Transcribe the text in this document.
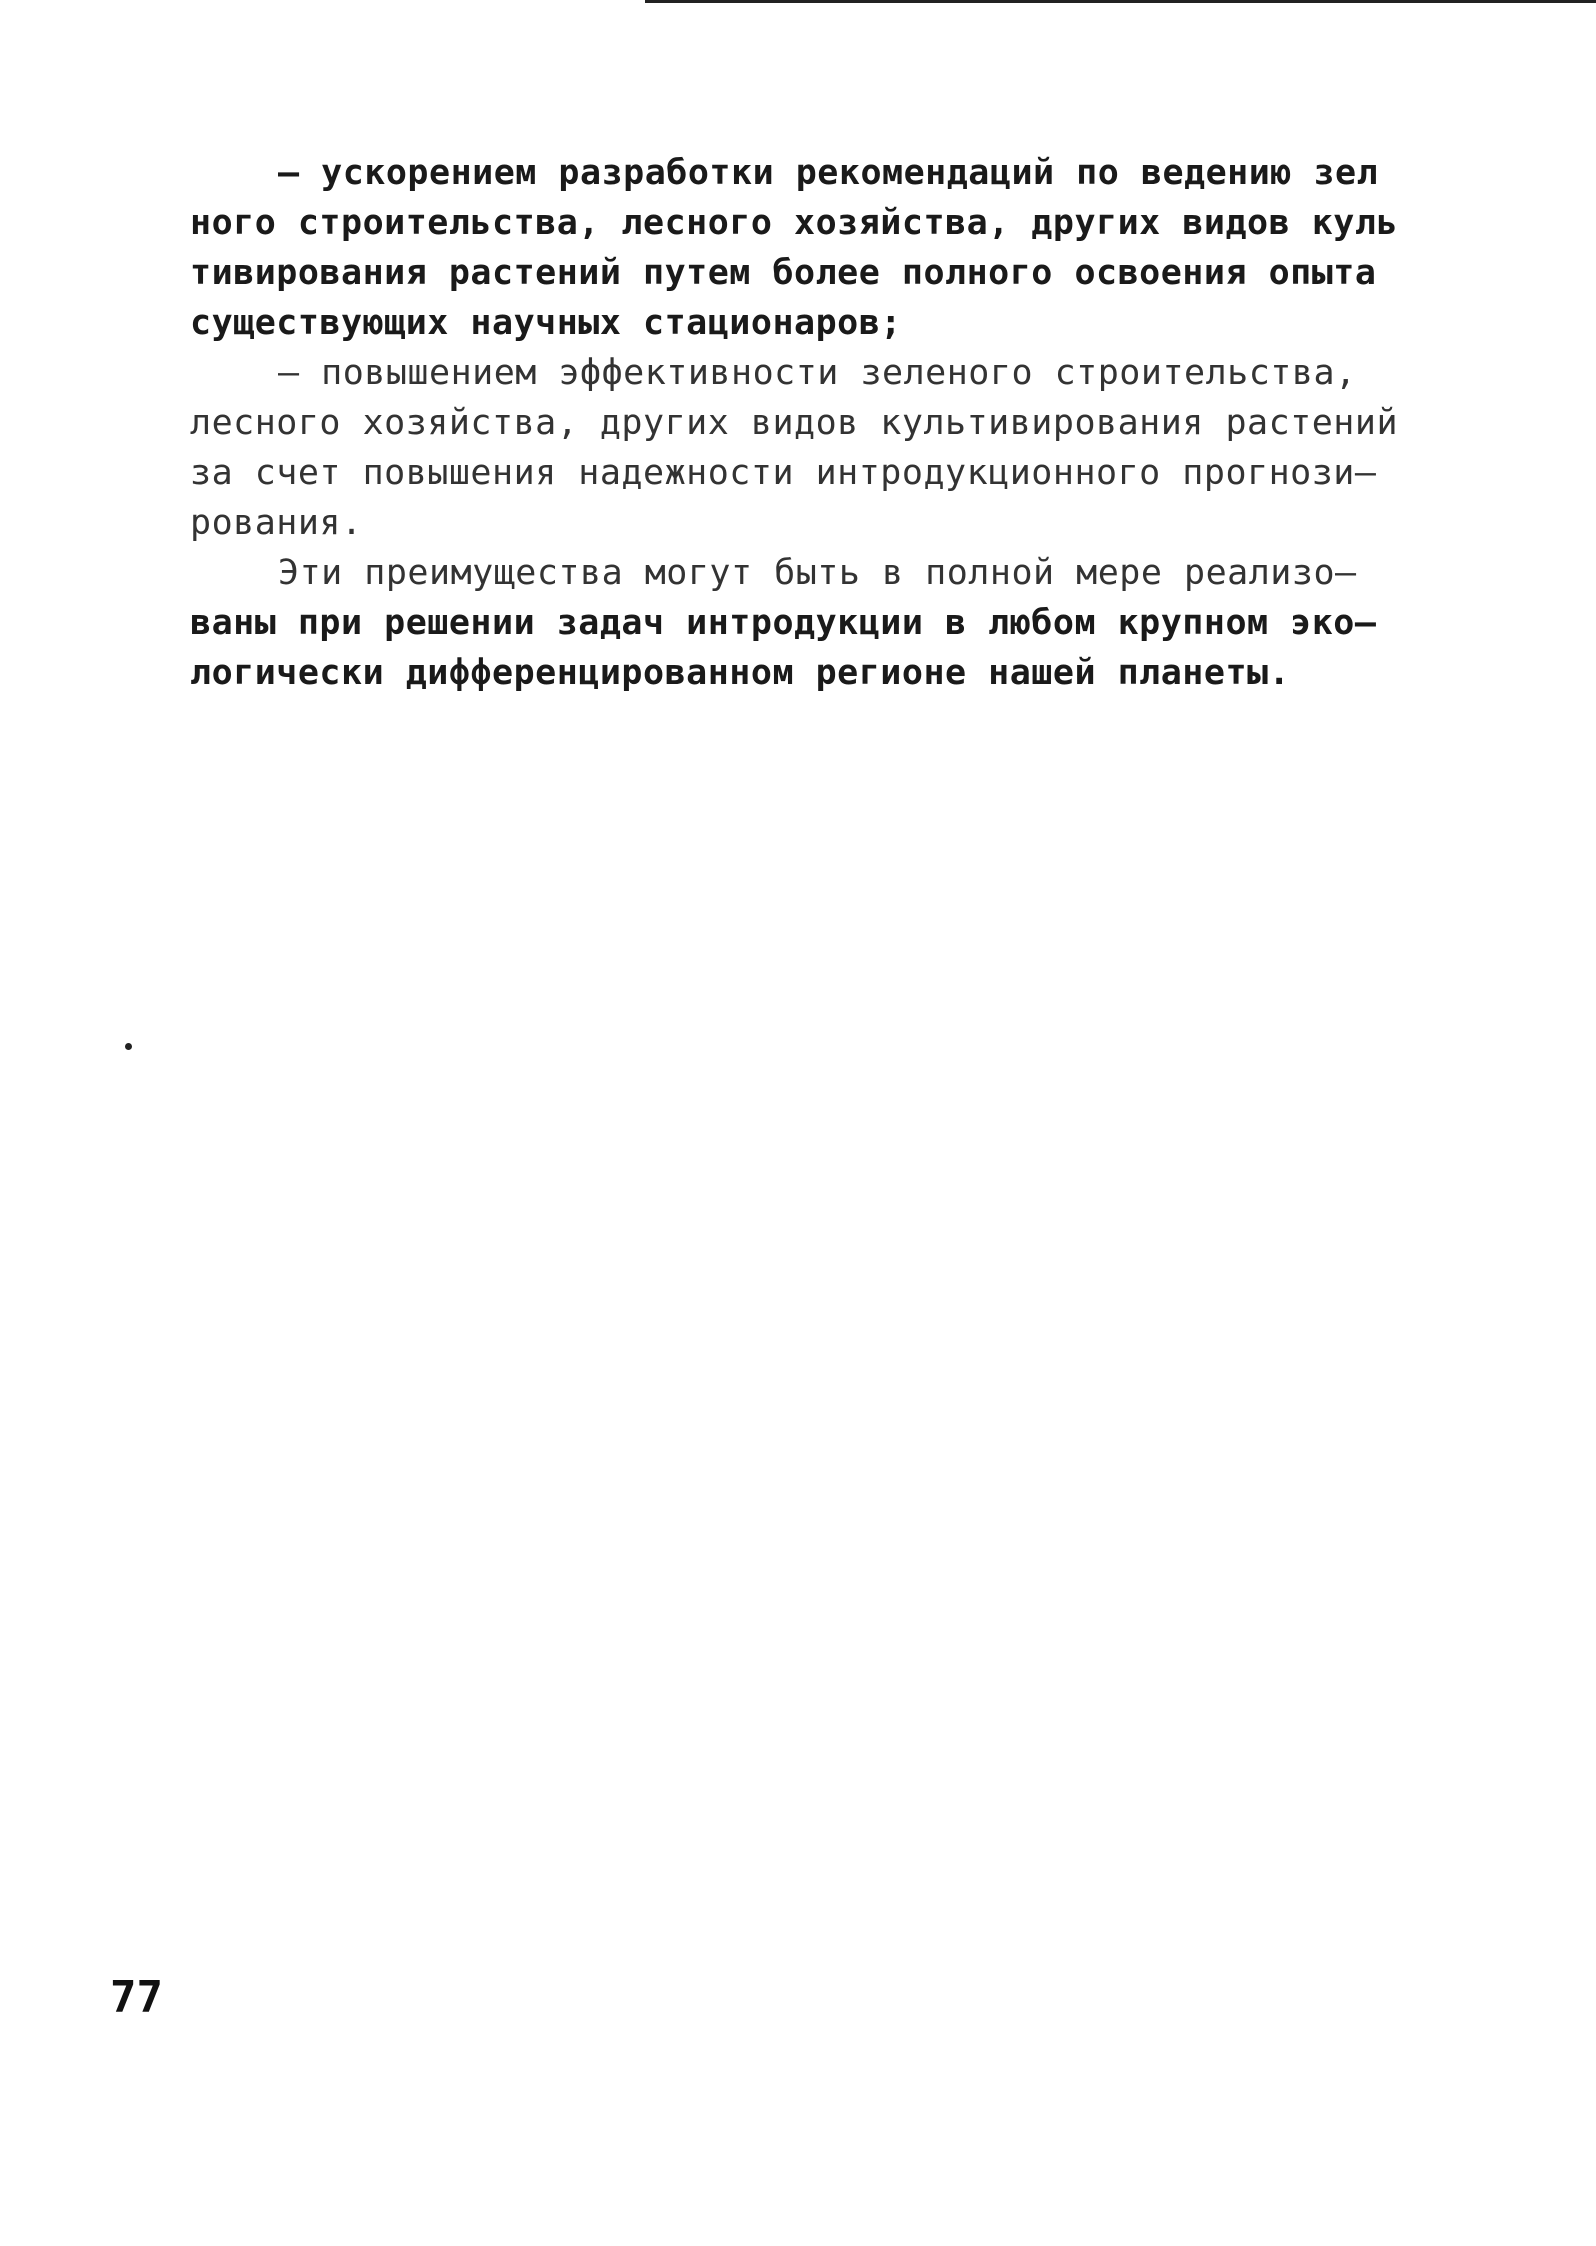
– ускорением разработки рекомендаций по ведению зел
ного строительства, лесного хозяйства, других видов куль
тивирования растений путем более полного освоения опыта
существующих научных стационаров;
– повышением эффективности зеленого строительства,
лесного хозяйства, других видов культивирования растений
за счет повышения надежности интродукционного прогнози–
рования.
Эти преимущества могут быть в полной мере реализо–
ваны при решении задач интродукции в любом крупном эко–
логически дифференцированном регионе нашей планеты.
77
